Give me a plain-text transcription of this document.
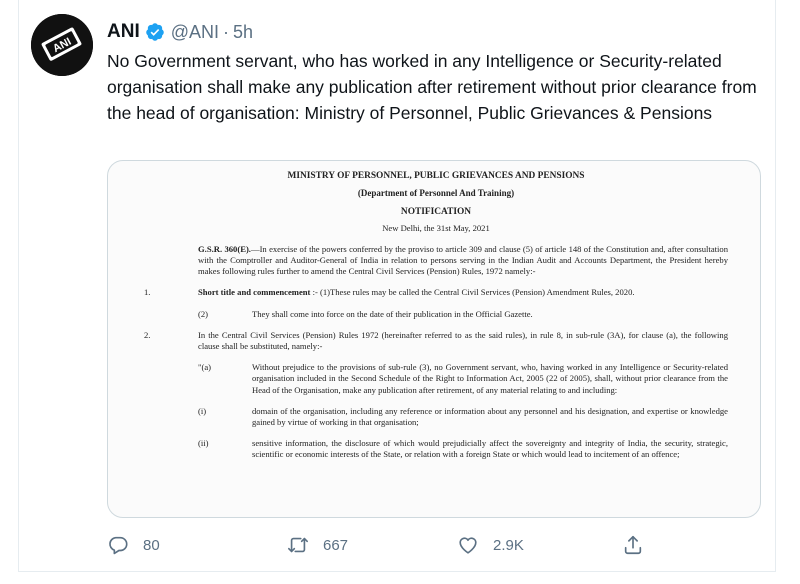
ANI
ANI @ANI · 5h
No Government servant, who has worked in any Intelligence or Security-related organisation shall make any publication after retirement without prior clearance from the head of organisation: Ministry of Personnel, Public Grievances & Pensions
MINISTRY OF PERSONNEL, PUBLIC GRIEVANCES AND PENSIONS
(Department of Personnel And Training)
NOTIFICATION
New Delhi, the 31st May, 2021
G.S.R. 360(E).—In exercise of the powers conferred by the proviso to article 309 and clause (5) of article 148 of the Constitution and, after consultation with the Comptroller and Auditor-General of India in relation to persons serving in the Indian Audit and Accounts Department, the President hereby makes following rules further to amend the Central Civil Services (Pension) Rules, 1972 namely:-
1.	Short title and commencement :- (1)These rules may be called the Central Civil Services (Pension) Amendment Rules, 2020.
(2)	They shall come into force on the date of their publication in the Official Gazette.
2.	In the Central Civil Services (Pension) Rules 1972 (hereinafter referred to as the said rules), in rule 8, in sub-rule (3A), for clause (a), the following clause shall be substituted, namely:-
"(a)	Without prejudice to the provisions of sub-rule (3), no Government servant, who, having worked in any Intelligence or Security-related organisation included in the Second Schedule of the Right to Information Act, 2005 (22 of 2005), shall, without prior clearance from the Head of the Organisation, make any publication after retirement, of any material relating to and including:
(i)	domain of the organisation, including any reference or information about any personnel and his designation, and expertise or knowledge gained by virtue of working in that organisation;
(ii)	sensitive information, the disclosure of which would prejudicially affect the sovereignty and integrity of India, the security, strategic, scientific or economic interests of the State, or relation with a foreign State or which would lead to incitement of an offence;
80	667	2.9K
